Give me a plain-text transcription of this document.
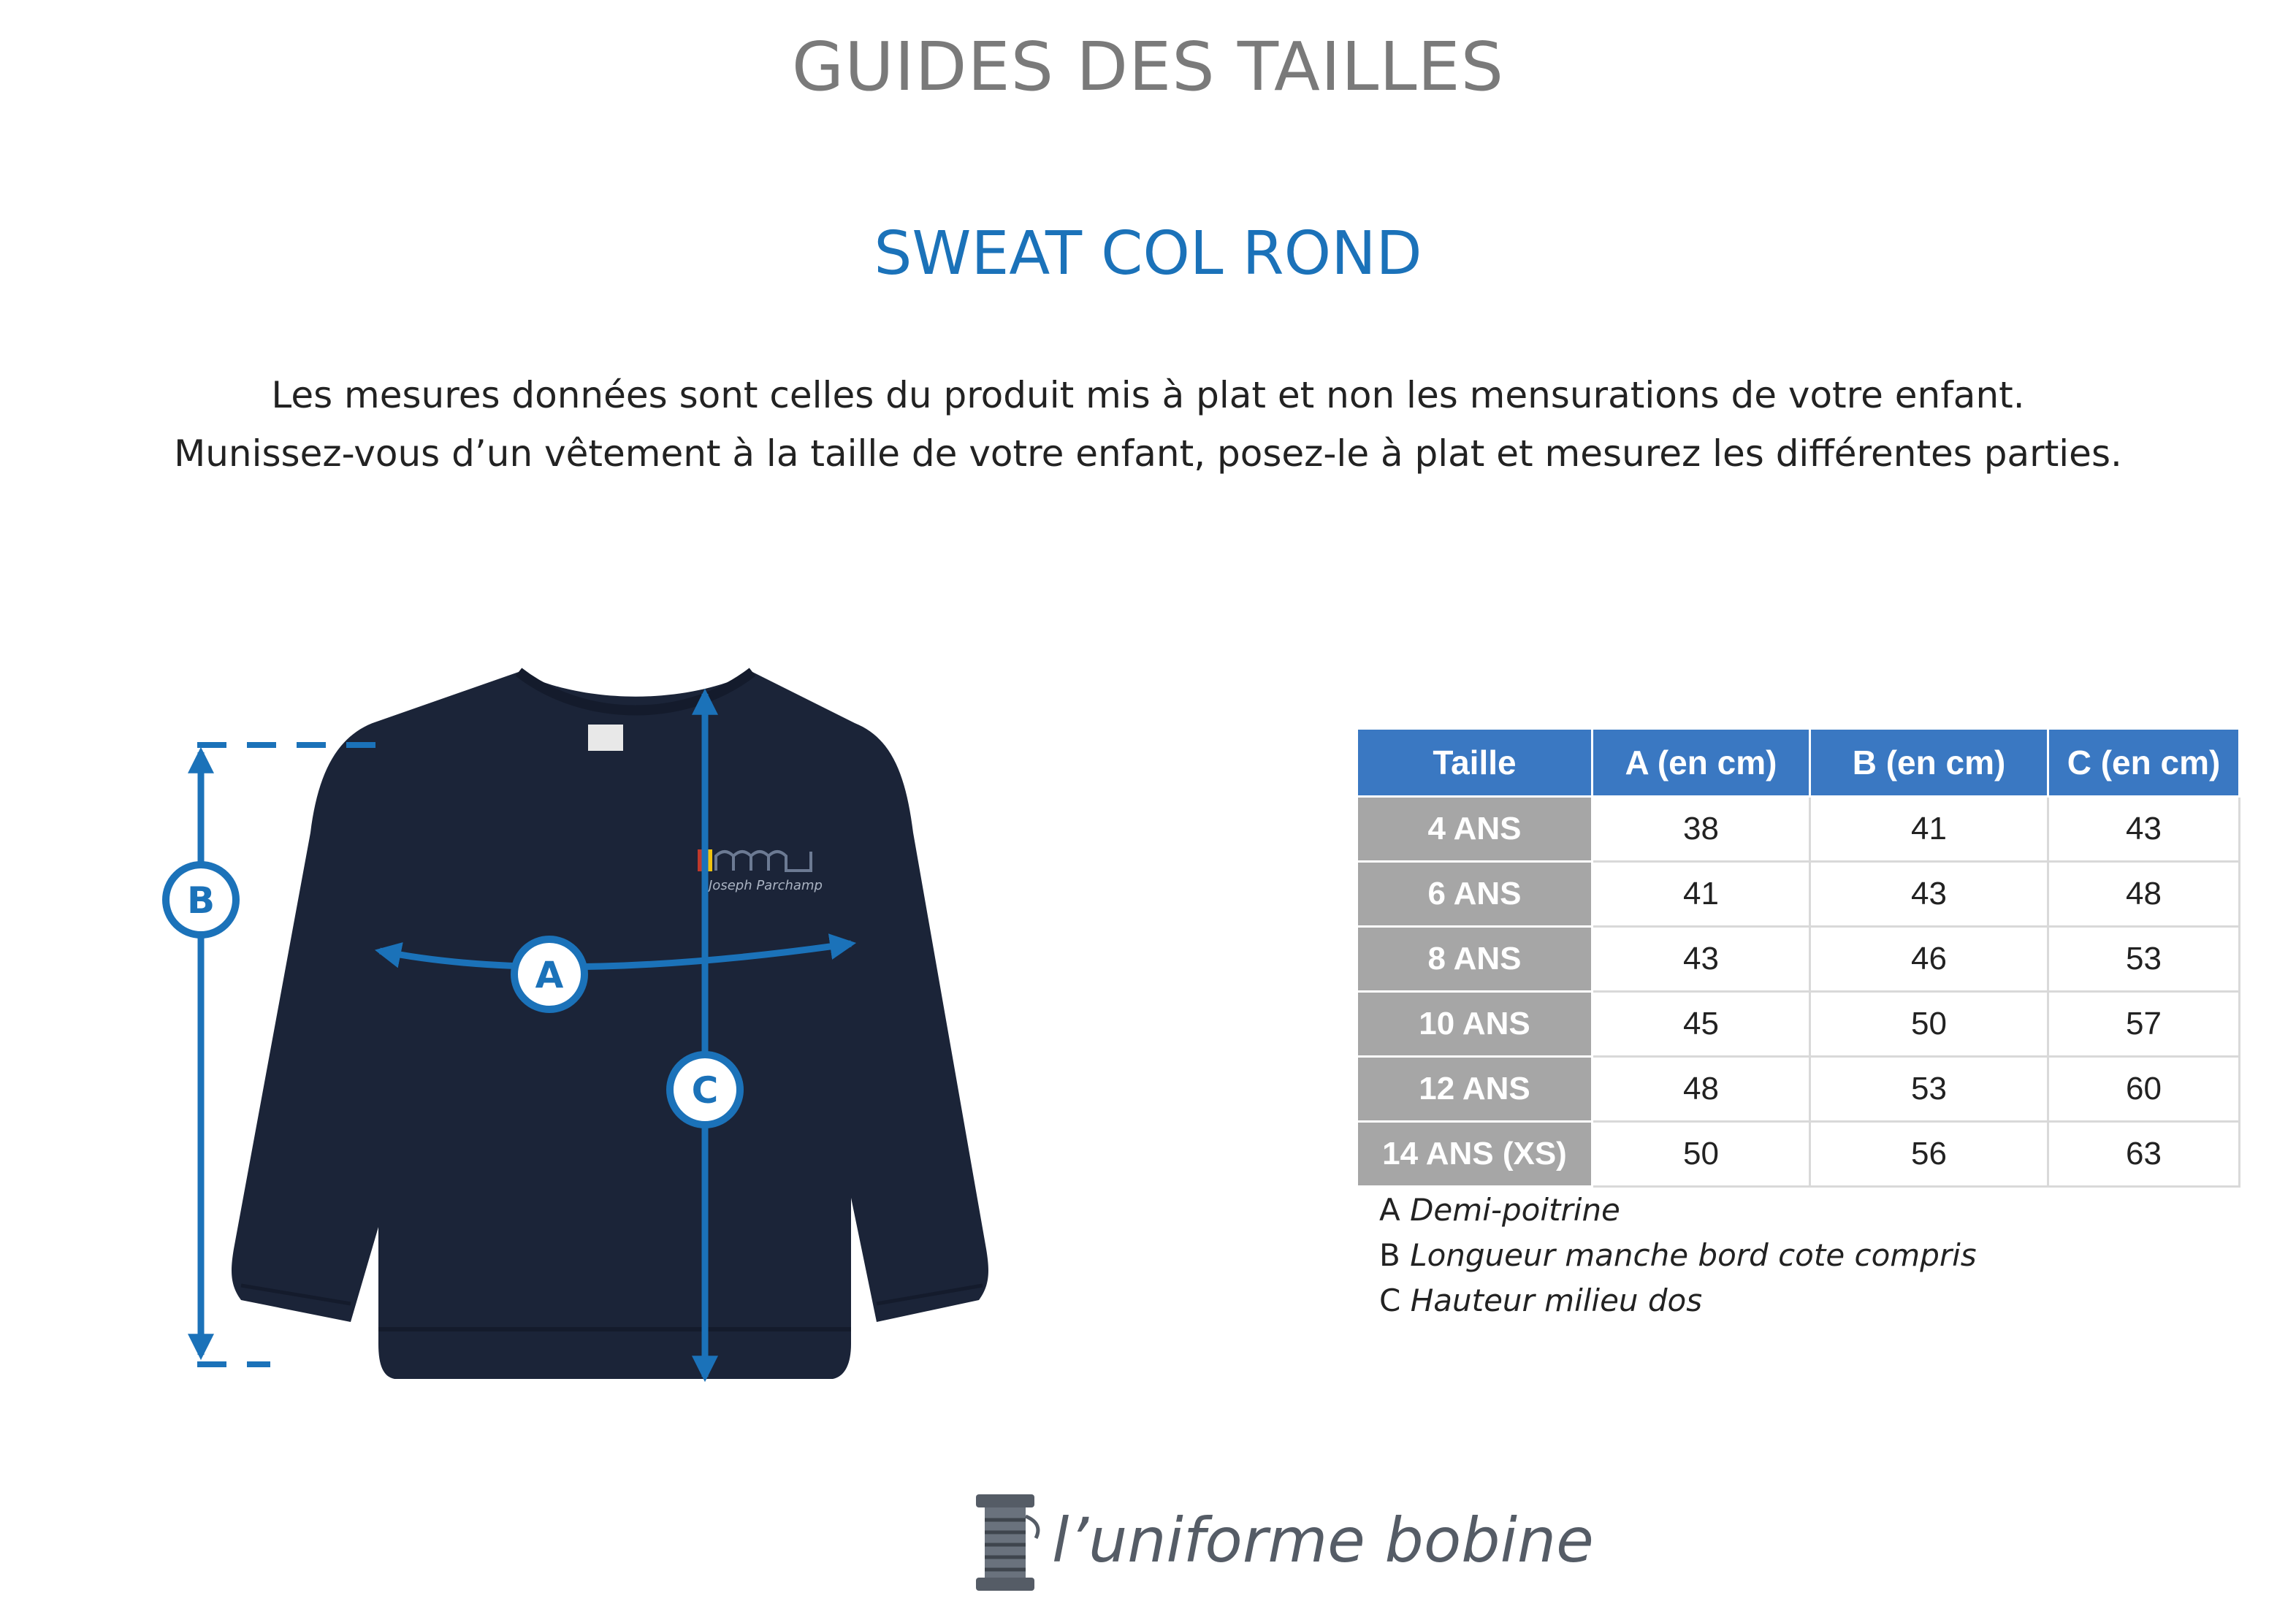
GUIDES DES TAILLES
SWEAT COL ROND
Les mesures données sont celles du produit mis à plat et non les mensurations de votre enfant.
Munissez-vous d’un vêtement à la taille de votre enfant, posez-le à plat et mesurez les différentes parties.
Joseph Parchamp
B
C
A
Taille	A (en cm)	B (en cm)	C (en cm)
4 ANS	38	41	43
6 ANS	41	43	48
8 ANS	43	46	53
10 ANS	45	50	57
12 ANS	48	53	60
14 ANS (XS)	50	56	63
A Demi-poitrine
B Longueur manche bord cote compris
C Hauteur milieu dos
l’uniforme bobine
